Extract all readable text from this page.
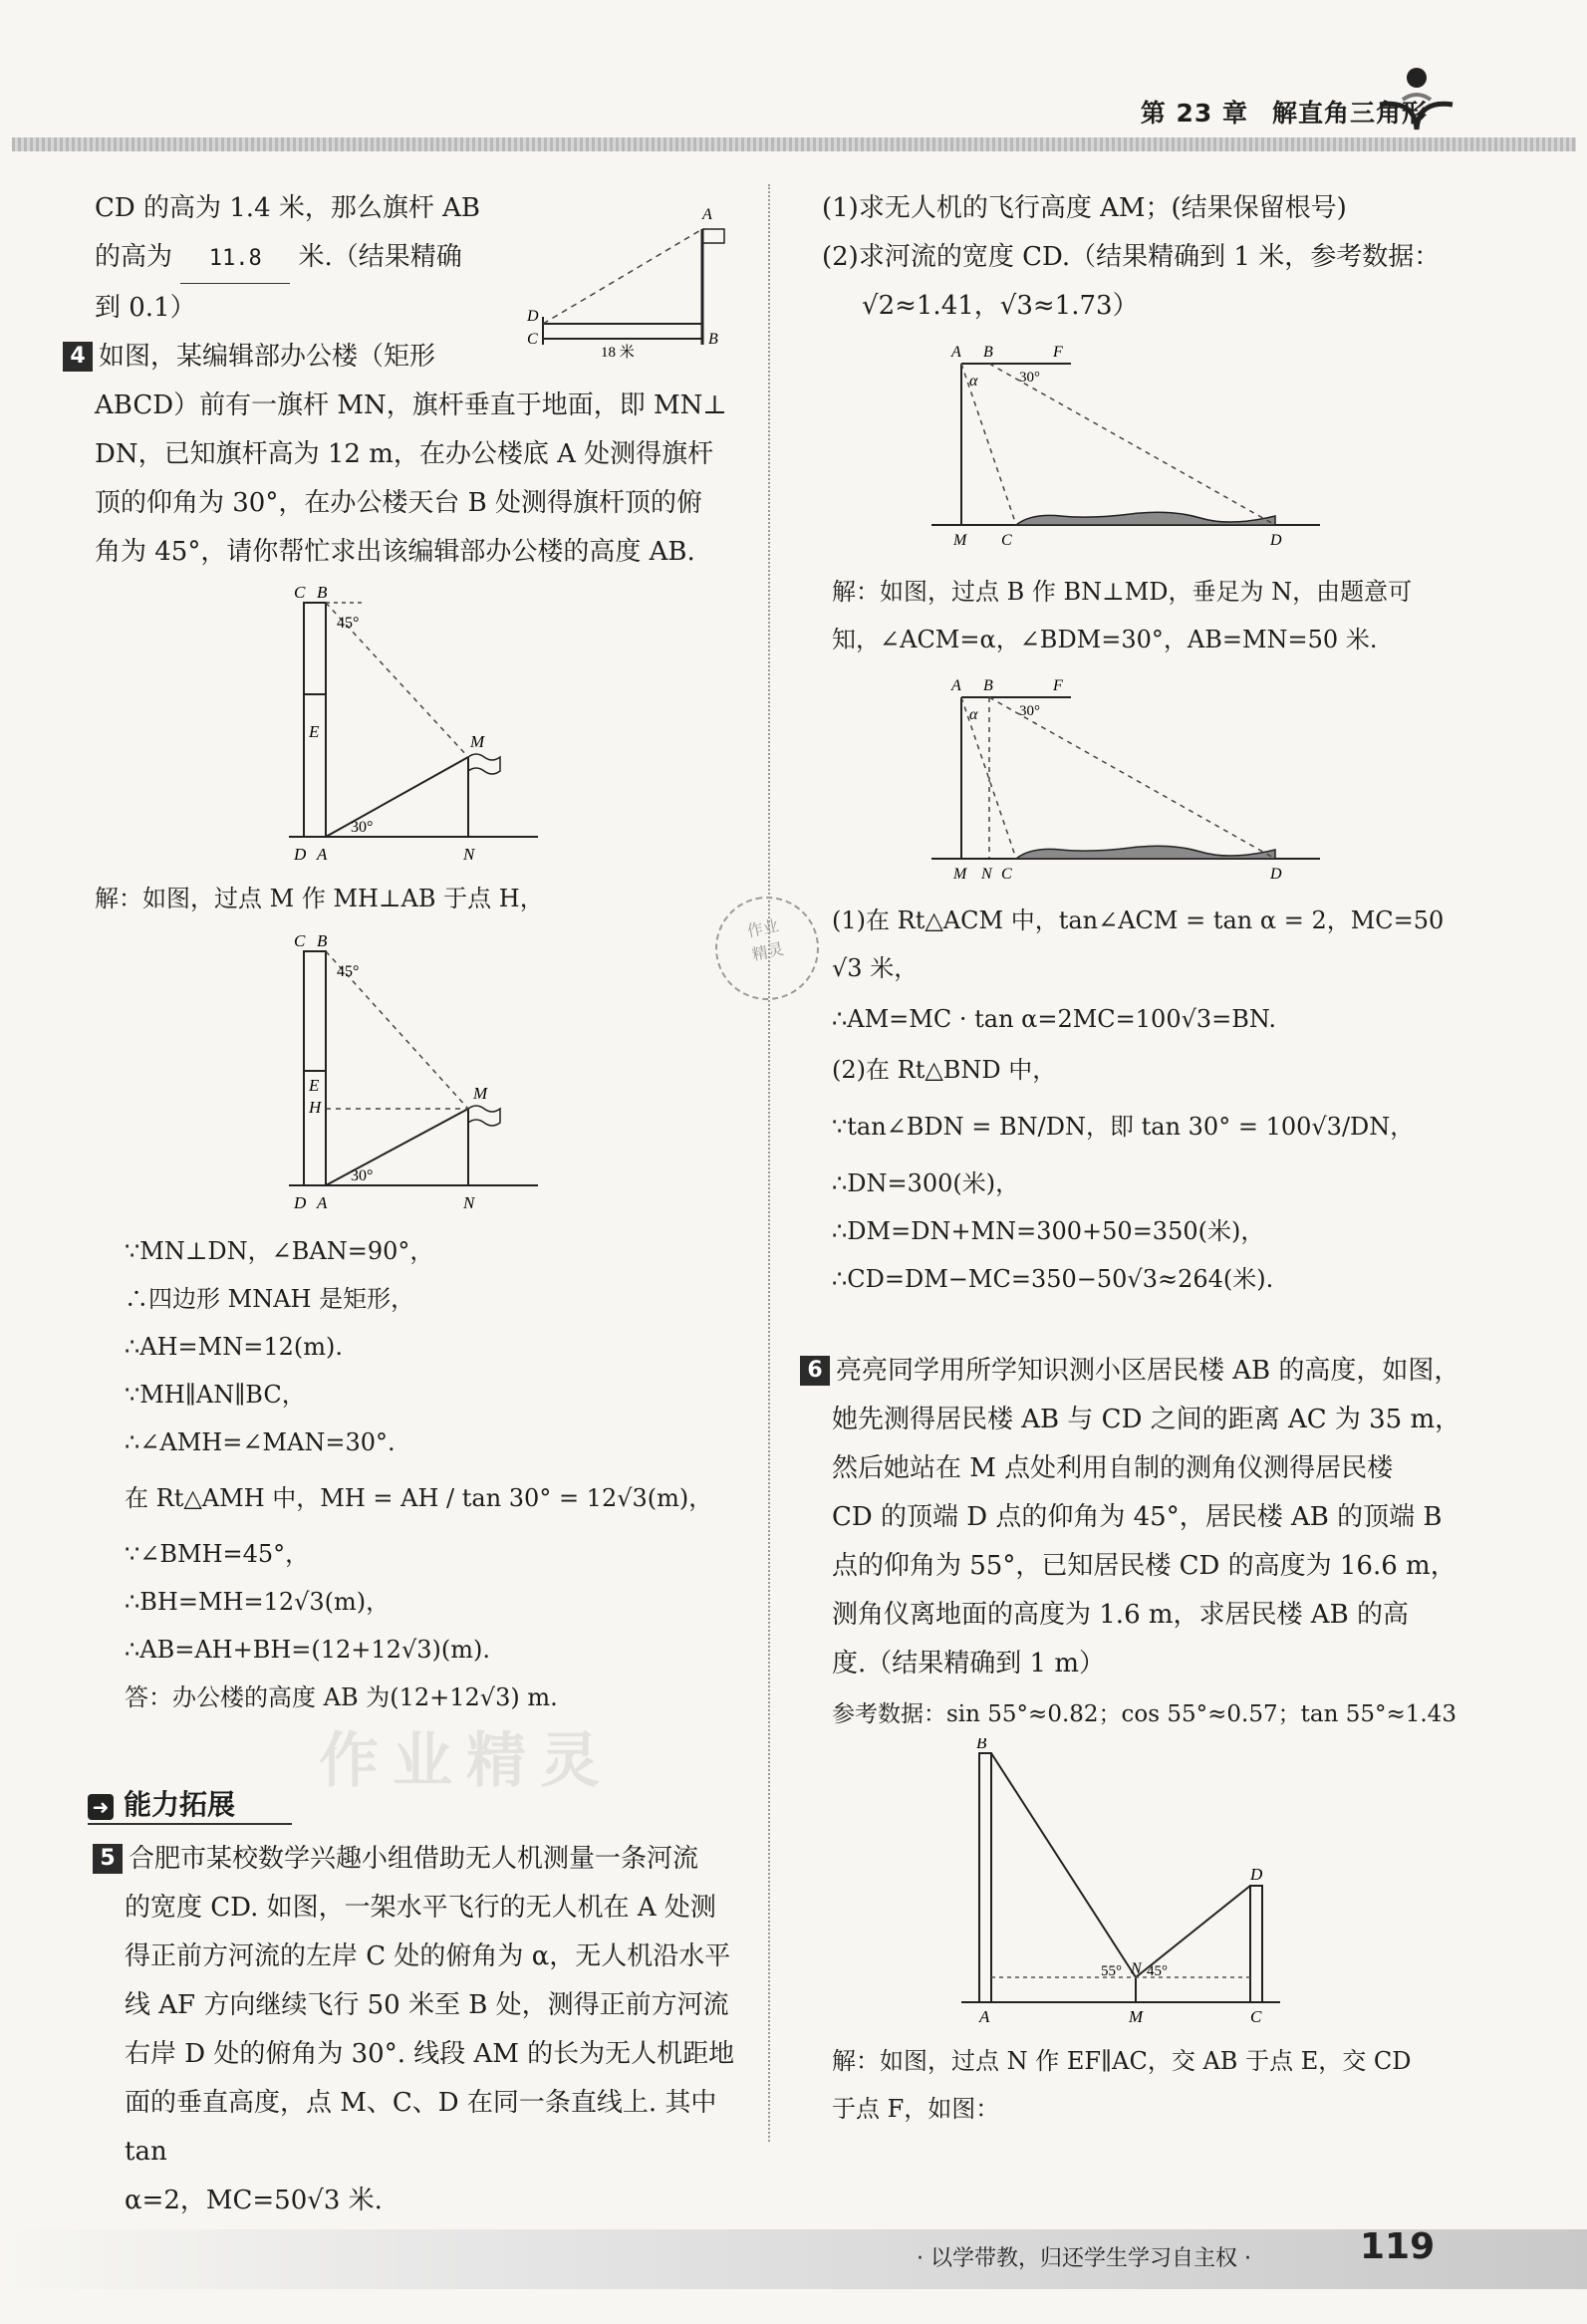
第 23 章 解直角三角形

CD 的高为 1.4 米，那么旗杆 AB

的高为 11.8 米.（结果精确

到 0.1）

4 如图，某编辑部办公楼（矩形

ABCD）前有一旗杆 MN，旗杆垂直于地面，即 MN⊥

DN，已知旗杆高为 12 m，在办公楼底 A 处测得旗杆

顶的仰角为 30°，在办公楼天台 B 处测得旗杆顶的俯

角为 45°，请你帮忙求出该编辑部办公楼的高度 AB.

A
D
C	B
18 米
C B
E
D A
M
N
45°
30°

解：如图，过点 M 作 MH⊥AB 于点 H，

C B
E
H
D A
M
N
45°
30°

∵MN⊥DN，∠BAN=90°，

∴四边形 MNAH 是矩形，

∴AH=MN=12(m).

∵MH∥AN∥BC，

∴∠AMH=∠MAN=30°.

在 Rt△AMH 中，MH = AH / tan 30° = 12√3(m)，

∵∠BMH=45°，

∴BH=MH=12√3(m)，

∴AB=AH+BH=(12+12√3)(m).

答：办公楼的高度 AB 为(12+12√3) m.

作业精灵
➜ 能力拓展

5 合肥市某校数学兴趣小组借助无人机测量一条河流

的宽度 CD. 如图，一架水平飞行的无人机在 A 处测

得正前方河流的左岸 C 处的俯角为 α，无人机沿水平

线 AF 方向继续飞行 50 米至 B 处，测得正前方河流

右岸 D 处的俯角为 30°. 线段 AM 的长为无人机距地

面的垂直高度，点 M、C、D 在同一条直线上. 其中 tan

α=2，MC=50√3 米.

(1)求无人机的飞行高度 AM；(结果保留根号)

(2)求河流的宽度 CD.（结果精确到 1 米，参考数据：

√2≈1.41，√3≈1.73）

A B	F
α	30°
M C	D

解：如图，过点 B 作 BN⊥MD，垂足为 N，由题意可

知，∠ACM=α，∠BDM=30°，AB=MN=50 米.

A B	F
α	30°
M N C	D
作业
精灵

(1)在 Rt△ACM 中，tan∠ACM = tan α = 2，MC=50

√3 米，

∴AM=MC · tan α=2MC=100√3=BN.

(2)在 Rt△BND 中，

∵tan∠BDN = BN/DN，即 tan 30° = 100√3/DN，

∴DN=300(米)，

∴DM=DN+MN=300+50=350(米)，

∴CD=DM−MC=350−50√3≈264(米).

6 亮亮同学用所学知识测小区居民楼 AB 的高度，如图，

她先测得居民楼 AB 与 CD 之间的距离 AC 为 35 m，

然后她站在 M 点处利用自制的测角仪测得居民楼

CD 的顶端 D 点的仰角为 45°，居民楼 AB 的顶端 B

点的仰角为 55°，已知居民楼 CD 的高度为 16.6 m，

测角仪离地面的高度为 1.6 m，求居民楼 AB 的高

度.（结果精确到 1 m）

参考数据：sin 55°≈0.82；cos 55°≈0.57；tan 55°≈1.43

B
D
A	M	C
N
55° 45°

解：如图，过点 N 作 EF∥AC，交 AB 于点 E，交 CD

于点 F，如图：

· 以学带教，归还学生学习自主权 ·	119
